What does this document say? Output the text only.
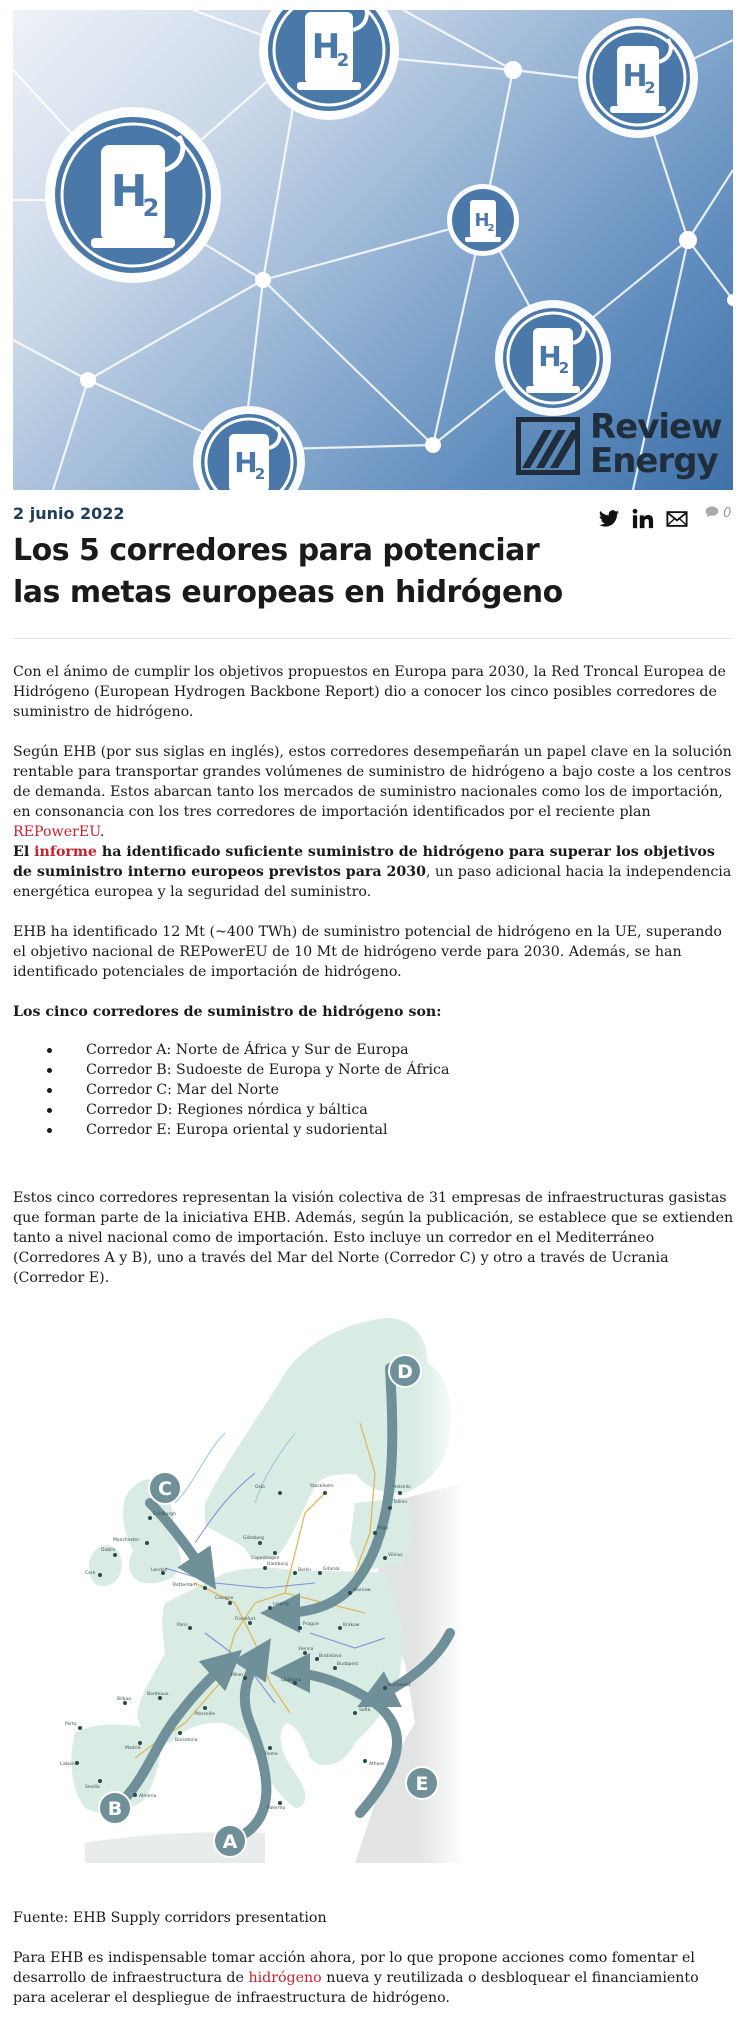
H
2
H
2	H
2
H
2
H
2
H
2
Review
Energy
2 junio 2022	0
Los 5 corredores para potenciar las metas europeas en hidrógeno

Con el ánimo de cumplir los objetivos propuestos en Europa para 2030, la Red Troncal Europea de Hidrógeno (European Hydrogen Backbone Report) dio a conocer los cinco posibles corredores de suministro de hidrógeno.

Según EHB (por sus siglas en inglés), estos corredores desempeñarán un papel clave en la solución rentable para transportar grandes volúmenes de suministro de hidrógeno a bajo coste a los centros de demanda. Estos abarcan tanto los mercados de suministro nacionales como los de importación, en consonancia con los tres corredores de importación identificados por el reciente plan REPowerEU.

El informe ha identificado suficiente suministro de hidrógeno para superar los objetivos de suministro interno europeos previstos para 2030, un paso adicional hacia la independencia energética europea y la seguridad del suministro.

EHB ha identificado 12 Mt (~400 TWh) de suministro potencial de hidrógeno en la UE, superando el objetivo nacional de REPowerEU de 10 Mt de hidrógeno verde para 2030. Además, se han identificado potenciales de importación de hidrógeno.

Los cinco corredores de suministro de hidrógeno son:

Corredor A: Norte de África y Sur de Europa
Corredor B: Sudoeste de Europa y Norte de África
Corredor C: Mar del Norte
Corredor D: Regiones nórdica y báltica
Corredor E: Europa oriental y sudoriental

Estos cinco corredores representan la visión colectiva de 31 empresas de infraestructuras gasistas que forman parte de la iniciativa EHB. Además, según la publicación, se establece que se extienden tanto a nivel nacional como de importación. Esto incluye un corredor en el Mediterráneo (Corredores A y B), uno a través del Mar del Norte (Corredor C) y otro a través de Ucrania (Corredor E).

Oslo	Stockholm	Helsinki
Tallinn
Riga
Vilnius
Göteborg
Copenhagen
Gdańsk
Edinburgh
Manchester
Dublin
Cork
London
Rotterdam
Hamburg
Berlin
Warsaw
Cologne
Leipzig
Frankfurt
Prague	Krakow
Paris
Vienna
Bratislava
Budapest
Ljubljana
Milan
Bordeaux
Marseille
Bilbao
Porto
Madrid
Barcelona
Lisbon
Sevilla
Almeria
Rome
Palermo
Bucharest
Sofia
Athens
A
B
C
D
E

Fuente: EHB Supply corridors presentation

Para EHB es indispensable tomar acción ahora, por lo que propone acciones como fomentar el desarrollo de infraestructura de hidrógeno nueva y reutilizada o desbloquear el financiamiento para acelerar el despliegue de infraestructura de hidrógeno.
